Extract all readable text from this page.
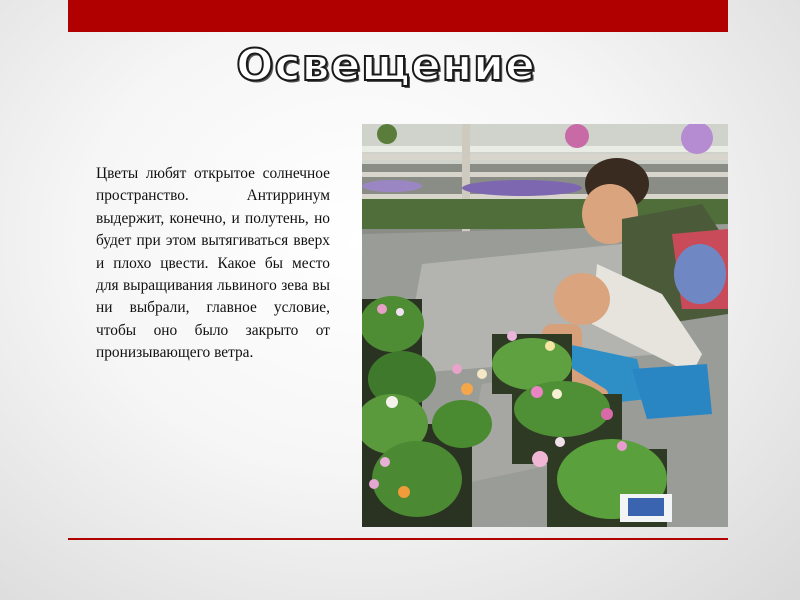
Освещение

Цветы любят открытое солнечное пространство. Антирринум выдержит, конечно, и полутень, но будет при этом вытягиваться вверх и плохо цвести. Какое бы место для выращивания львиного зева вы ни выбрали, главное условие, чтобы оно было закрыто от пронизывающего ветра.
